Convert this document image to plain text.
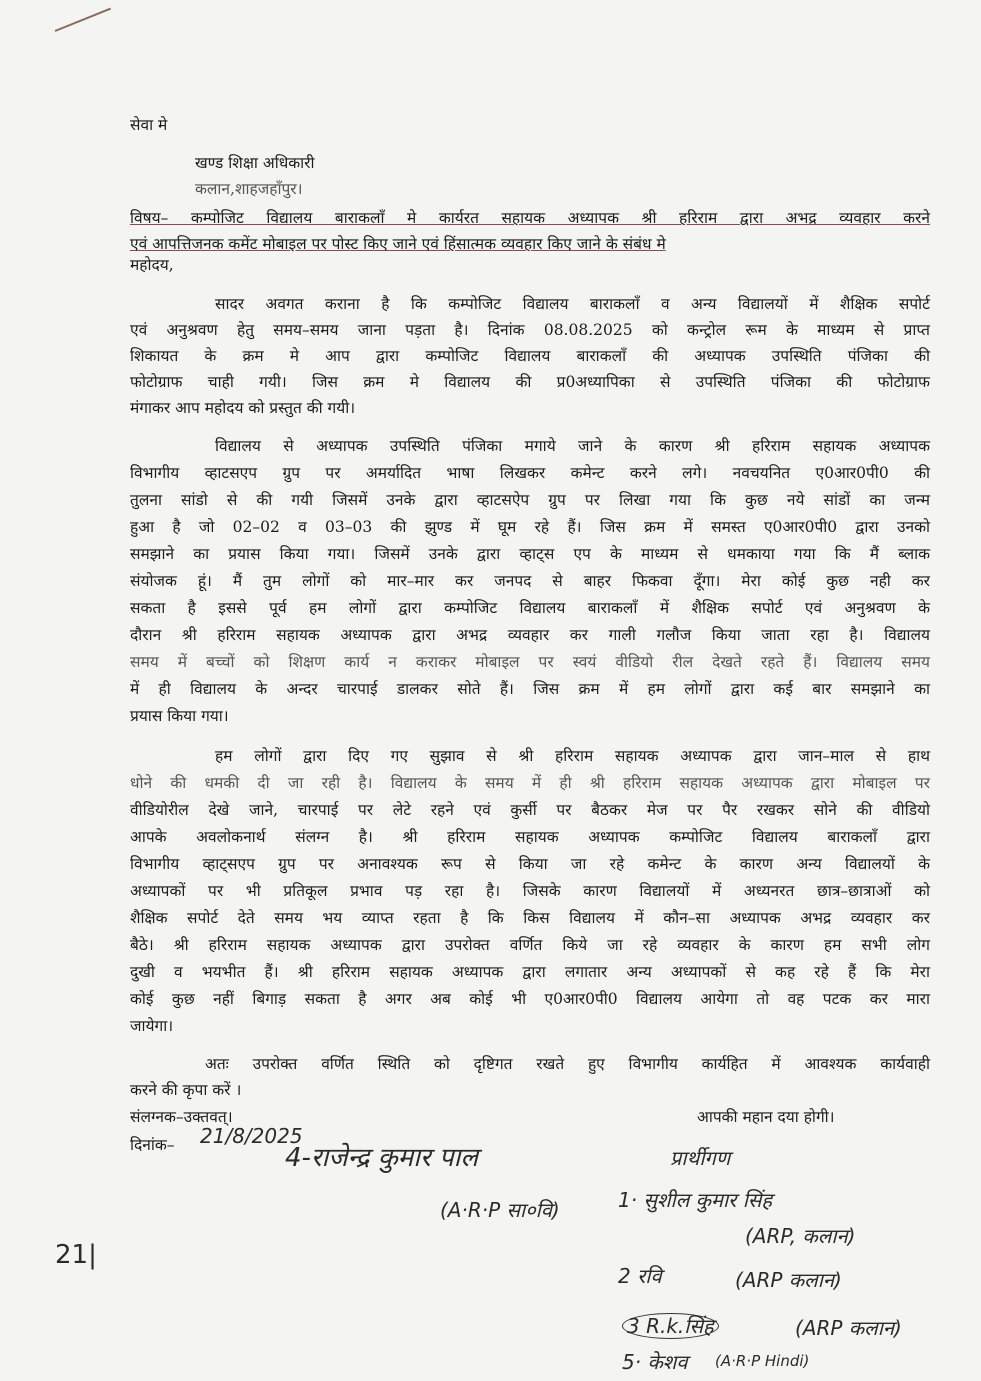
सेवा मे
खण्ड शिक्षा अधिकारी
कलान,शाहजहाँपुर।
विषय– कम्पोजिट विद्यालय बाराकलाँ मे कार्यरत सहायक अध्यापक श्री हरिराम द्वारा अभद्र व्यवहार करने
एवं आपत्तिजनक कमेंट मोबाइल पर पोस्ट किए जाने एवं हिंसात्मक व्यवहार किए जाने के संबंध मे
महोदय,
सादर अवगत कराना है कि कम्पोजिट विद्यालय बाराकलाँ व अन्य विद्यालयों में शैक्षिक सपोर्ट
एवं अनुश्रवण हेतु समय–समय जाना पड़ता है। दिनांक 08.08.2025 को कन्ट्रोल रूम के माध्यम से प्राप्त
शिकायत के क्रम मे आप द्वारा कम्पोजिट विद्यालय बाराकलाँ की अध्यापक उपस्थिति पंजिका की
फोटोग्राफ चाही गयी। जिस क्रम मे विद्यालय की प्र0अध्यापिका से उपस्थिति पंजिका की फोटोग्राफ
मंगाकर आप महोदय को प्रस्तुत की गयी।
विद्यालय से अध्यापक उपस्थिति पंजिका मगाये जाने के कारण श्री हरिराम सहायक अध्यापक
विभागीय व्हाटसएप ग्रुप पर अमर्यादित भाषा लिखकर कमेन्ट करने लगे। नवचयनित ए0आर0पी0 की
तुलना सांडो से की गयी जिसमें उनके द्वारा व्हाटसऐप ग्रुप पर लिखा गया कि कुछ नये सांडों का जन्म
हुआ है जो 02–02 व 03–03 की झुण्ड में घूम रहे हैं। जिस क्रम में समस्त ए0आर0पी0 द्वारा उनको
समझाने का प्रयास किया गया। जिसमें उनके द्वारा व्हाट्स एप के माध्यम से धमकाया गया कि मैं ब्लाक
संयोजक हूं। मैं तुम लोगों को मार–मार कर जनपद से बाहर फिकवा दूँगा। मेरा कोई कुछ नही कर
सकता है इससे पूर्व हम लोगों द्वारा कम्पोजिट विद्यालय बाराकलाँ में शैक्षिक सपोर्ट एवं अनुश्रवण के
दौरान श्री हरिराम सहायक अध्यापक द्वारा अभद्र व्यवहार कर गाली गलौज किया जाता रहा है। विद्यालय
समय में बच्चों को शिक्षण कार्य न कराकर मोबाइल पर स्वयं वीडियो रील देखते रहते हैं। विद्यालय समय
में ही विद्यालय के अन्दर चारपाई डालकर सोते हैं। जिस क्रम में हम लोगों द्वारा कई बार समझाने का
प्रयास किया गया।
हम लोगों द्वारा दिए गए सुझाव से श्री हरिराम सहायक अध्यापक द्वारा जान–माल से हाथ
धोने की धमकी दी जा रही है। विद्यालय के समय में ही श्री हरिराम सहायक अध्यापक द्वारा मोबाइल पर
वीडियोरील देखे जाने, चारपाई पर लेटे रहने एवं कुर्सी पर बैठकर मेज पर पैर रखकर सोने की वीडियो
आपके अवलोकनार्थ संलग्न है। श्री हरिराम सहायक अध्यापक कम्पोजिट विद्यालय बाराकलाँ द्वारा
विभागीय व्हाट्सएप ग्रुप पर अनावश्यक रूप से किया जा रहे कमेन्ट के कारण अन्य विद्यालयों के
अध्यापकों पर भी प्रतिकूल प्रभाव पड़ रहा है। जिसके कारण विद्यालयों में अध्यनरत छात्र–छात्राओं को
शैक्षिक सपोर्ट देते समय भय व्याप्त रहता है कि किस विद्यालय में कौन–सा अध्यापक अभद्र व्यवहार कर
बैठे। श्री हरिराम सहायक अध्यापक द्वारा उपरोक्त वर्णित किये जा रहे व्यवहार के कारण हम सभी लोग
दुखी व भयभीत हैं। श्री हरिराम सहायक अध्यापक द्वारा लगातार अन्य अध्यापकों से कह रहे हैं कि मेरा
कोई कुछ नहीं बिगाड़ सकता है अगर अब कोई भी ए0आर0पी0 विद्यालय आयेगा तो वह पटक कर मारा
जायेगा।
अतः उपरोक्त वर्णित स्थिति को दृष्टिगत रखते हुए विभागीय कार्यहित में आवश्यक कार्यवाही
करने की कृपा करें ।
संलग्नक–उक्तवत्।	आपकी महान दया होगी।
दिनांक– 21/8/2025
प्रार्थीगण
4-राजेन्द्र कुमार पाल
(A·R·P सा०वि)	1· सुशील कुमार सिंह
(ARP, कलान)
2 रवि	(ARP कलान)
3 R.k.सिंह	(ARP कलान)
5· केशव (A·R·P Hindi)
21|
